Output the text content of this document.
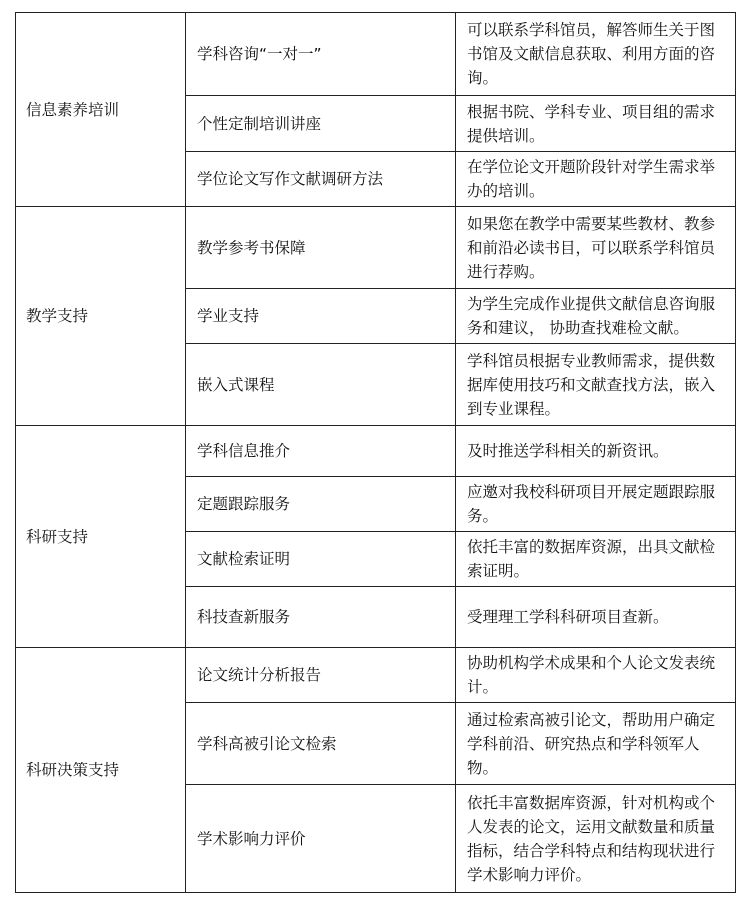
信息素养培训	学科咨询“一对一”	可以联系学科馆员，解答师生关于图书馆及文献信息获取、利用方面的咨询。
	个性定制培训讲座	根据书院、学科专业、项目组的需求提供培训。
	学位论文写作文献调研方法	在学位论文开题阶段针对学生需求举办的培训。
教学支持	教学参考书保障	如果您在教学中需要某些教材、教参和前沿必读书目，可以联系学科馆员进行荐购。
	学业支持	为学生完成作业提供文献信息咨询服务和建议， 协助查找难检文献。
	嵌入式课程	学科馆员根据专业教师需求，提供数据库使用技巧和文献查找方法，嵌入到专业课程。
科研支持	学科信息推介	及时推送学科相关的新资讯。
	定题跟踪服务	应邀对我校科研项目开展定题跟踪服务。
	文献检索证明	依托丰富的数据库资源，出具文献检索证明。
	科技查新服务	受理理工学科科研项目查新。
科研决策支持	论文统计分析报告	协助机构学术成果和个人论文发表统计。
	学科高被引论文检索	通过检索高被引论文，帮助用户确定学科前沿、研究热点和学科领军人物。
	学术影响力评价	依托丰富数据库资源，针对机构或个人发表的论文，运用文献数量和质量指标，结合学科特点和结构现状进行学术影响力评价。
